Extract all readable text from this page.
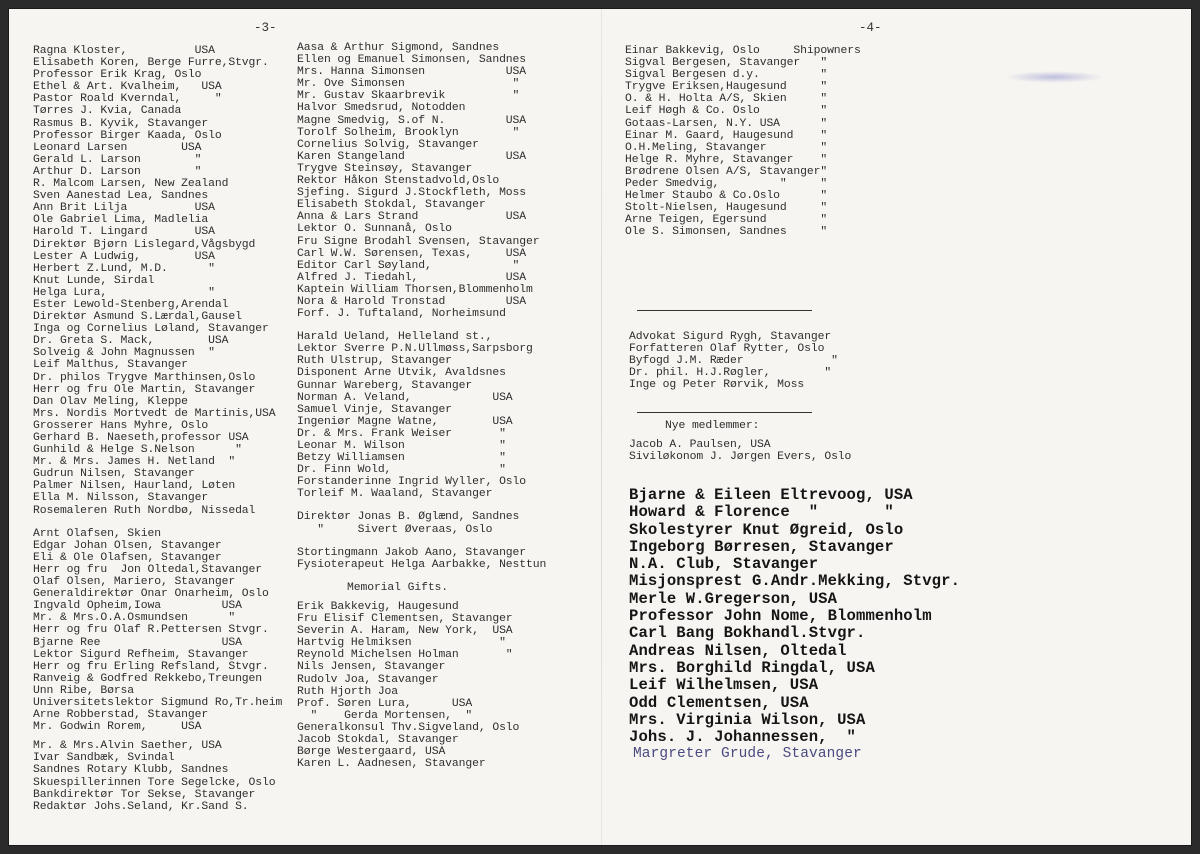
-3-	-4-
Ragna Kloster,          USA
Elisabeth Koren, Berge Furre,Stvgr.
Professor Erik Krag, Oslo
Ethel & Art. Kvalheim,   USA
Pastor Roald Kverndal,     "
Tørres J. Kvia, Canada
Rasmus B. Kyvik, Stavanger
Professor Birger Kaada, Oslo
Leonard Larsen        USA
Gerald L. Larson        "
Arthur D. Larson        "
R. Malcom Larsen, New Zealand
Sven Aanestad Lea, Sandnes
Ann Brit Lilja          USA
Ole Gabriel Lima, Madlelia
Harold T. Lingard       USA
Direktør Bjørn Lislegard,Vågsbygd
Lester A Ludwig,        USA
Herbert Z.Lund, M.D.      "
Knut Lunde, Sirdal
Helga Lura,               "
Ester Lewold-Stenberg,Arendal
Direktør Asmund S.Lærdal,Gausel
Inga og Cornelius Løland, Stavanger
Dr. Greta S. Mack,        USA
Solveig & John Magnussen  "
Leif Malthus, Stavanger
Dr. philos Trygve Marthinsen,Oslo
Herr og fru Ole Martin, Stavanger
Dan Olav Meling, Kleppe
Mrs. Nordis Mortvedt de Martinis,USA
Grosserer Hans Myhre, Oslo
Gerhard B. Naeseth,professor USA
Gunhild & Helge S.Nelson      "
Mr. & Mrs. James H. Netland  "
Gudrun Nilsen, Stavanger
Palmer Nilsen, Haurland, Løten
Ella M. Nilsson, Stavanger
Rosemaleren Ruth Nordbø, Nissedal
Arnt Olafsen, Skien
Edgar Johan Olsen, Stavanger
Eli & Ole Olafsen, Stavanger
Herr og fru  Jon Oltedal,Stavanger
Olaf Olsen, Mariero, Stavanger
Generaldirektør Onar Onarheim, Oslo
Ingvald Opheim,Iowa         USA
Mr. & Mrs.O.A.Osmundsen      "
Herr og fru Olaf R.Pettersen Stvgr.
Bjarne Ree                  USA
Lektor Sigurd Refheim, Stavanger
Herr og fru Erling Refsland, Stvgr.
Ranveig & Godfred Rekkebo,Treungen
Unn Ribe, Børsa
Universitetslektor Sigmund Ro,Tr.heim
Arne Robberstad, Stavanger
Mr. Godwin Rorem,     USA
Mr. & Mrs.Alvin Saether, USA
Ivar Sandbæk, Svindal
Sandnes Rotary Klubb, Sandnes
Skuespillerinnen Tore Segelcke, Oslo
Bankdirektør Tor Sekse, Stavanger
Redaktør Johs.Seland, Kr.Sand S.
Aasa & Arthur Sigmond, Sandnes
Ellen og Emanuel Simonsen, Sandnes
Mrs. Hanna Simonsen            USA
Mr. Ove Simonsen                "
Mr. Gustav Skaarbrevik          "
Halvor Smedsrud, Notodden
Magne Smedvig, S.of N.         USA
Torolf Solheim, Brooklyn        "
Cornelius Solvig, Stavanger
Karen Stangeland               USA
Trygve Steinsøy, Stavanger
Rektor Håkon Stenstadvold,Oslo
Sjefing. Sigurd J.Stockfleth, Moss
Elisabeth Stokdal, Stavanger
Anna & Lars Strand             USA
Lektor O. Sunnanå, Oslo
Fru Signe Brodahl Svensen, Stavanger
Carl W.W. Sørensen, Texas,     USA
Editor Carl Søyland,            "
Alfred J. Tiedahl,             USA
Kaptein William Thorsen,Blommenholm
Nora & Harold Tronstad         USA
Forf. J. Tuftaland, Norheimsund
Harald Ueland, Helleland st.,
Lektor Sverre P.N.Ullmøss,Sarpsborg
Ruth Ulstrup, Stavanger
Disponent Arne Utvik, Avaldsnes
Gunnar Wareberg, Stavanger
Norman A. Veland,            USA
Samuel Vinje, Stavanger
Ingeniør Magne Watne,        USA
Dr. & Mrs. Frank Weiser       "
Leonar M. Wilson              "
Betzy Williamsen              "
Dr. Finn Wold,                "
Forstanderinne Ingrid Wyller, Oslo
Torleif M. Waaland, Stavanger
Direktør Jonas B. Øglænd, Sandnes
"     Sivert Øveraas, Oslo
Stortingmann Jakob Aano, Stavanger
Fysioterapeut Helga Aarbakke, Nesttun
Memorial Gifts.
Erik Bakkevig, Haugesund
Fru Elisif Clementsen, Stavanger
Severin A. Haram, New York,  USA
Hartvig Helmiksen             "
Reynold Michelsen Holman       "
Nils Jensen, Stavanger
Rudolv Joa, Stavanger
Ruth Hjorth Joa
Prof. Søren Lura,      USA
"    Gerda Mortensen,  "
Generalkonsul Thv.Sigveland, Oslo
Jacob Stokdal, Stavanger
Børge Westergaard, USA
Karen L. Aadnesen, Stavanger
Einar Bakkevig, Oslo     Shipowners
Sigval Bergesen, Stavanger   "
Sigval Bergesen d.y.         "
Trygve Eriksen,Haugesund     "
O. & H. Holta A/S, Skien     "
Leif Høgh & Co. Oslo         "
Gotaas-Larsen, N.Y. USA      "
Einar M. Gaard, Haugesund    "
O.H.Meling, Stavanger        "
Helge R. Myhre, Stavanger    "
Brødrene Olsen A/S, Stavanger"
Peder Smedvig,         "     "
Helmer Staubo & Co.Oslo      "
Stolt-Nielsen, Haugesund     "
Arne Teigen, Egersund        "
Ole S. Simonsen, Sandnes     "
Advokat Sigurd Rygh, Stavanger
Forfatteren Olaf Rytter, Oslo
Byfogd J.M. Ræder             "
Dr. phil. H.J.Røgler,        "
Inge og Peter Rørvik, Moss
Nye medlemmer:
Jacob A. Paulsen, USA
Siviløkonom J. Jørgen Evers, Oslo
Bjarne & Eileen Eltrevoog, USA
Howard & Florence  "       "
Skolestyrer Knut Øgreid, Oslo
Ingeborg Børresen, Stavanger
N.A. Club, Stavanger
Misjonsprest G.Andr.Mekking, Stvgr.
Merle W.Gregerson, USA
Professor John Nome, Blommenholm
Carl Bang Bokhandl.Stvgr.
Andreas Nilsen, Oltedal
Mrs. Borghild Ringdal, USA
Leif Wilhelmsen, USA
Odd Clementsen, USA
Mrs. Virginia Wilson, USA
Johs. J. Johannessen,  "
Margreter Grude, Stavanger
